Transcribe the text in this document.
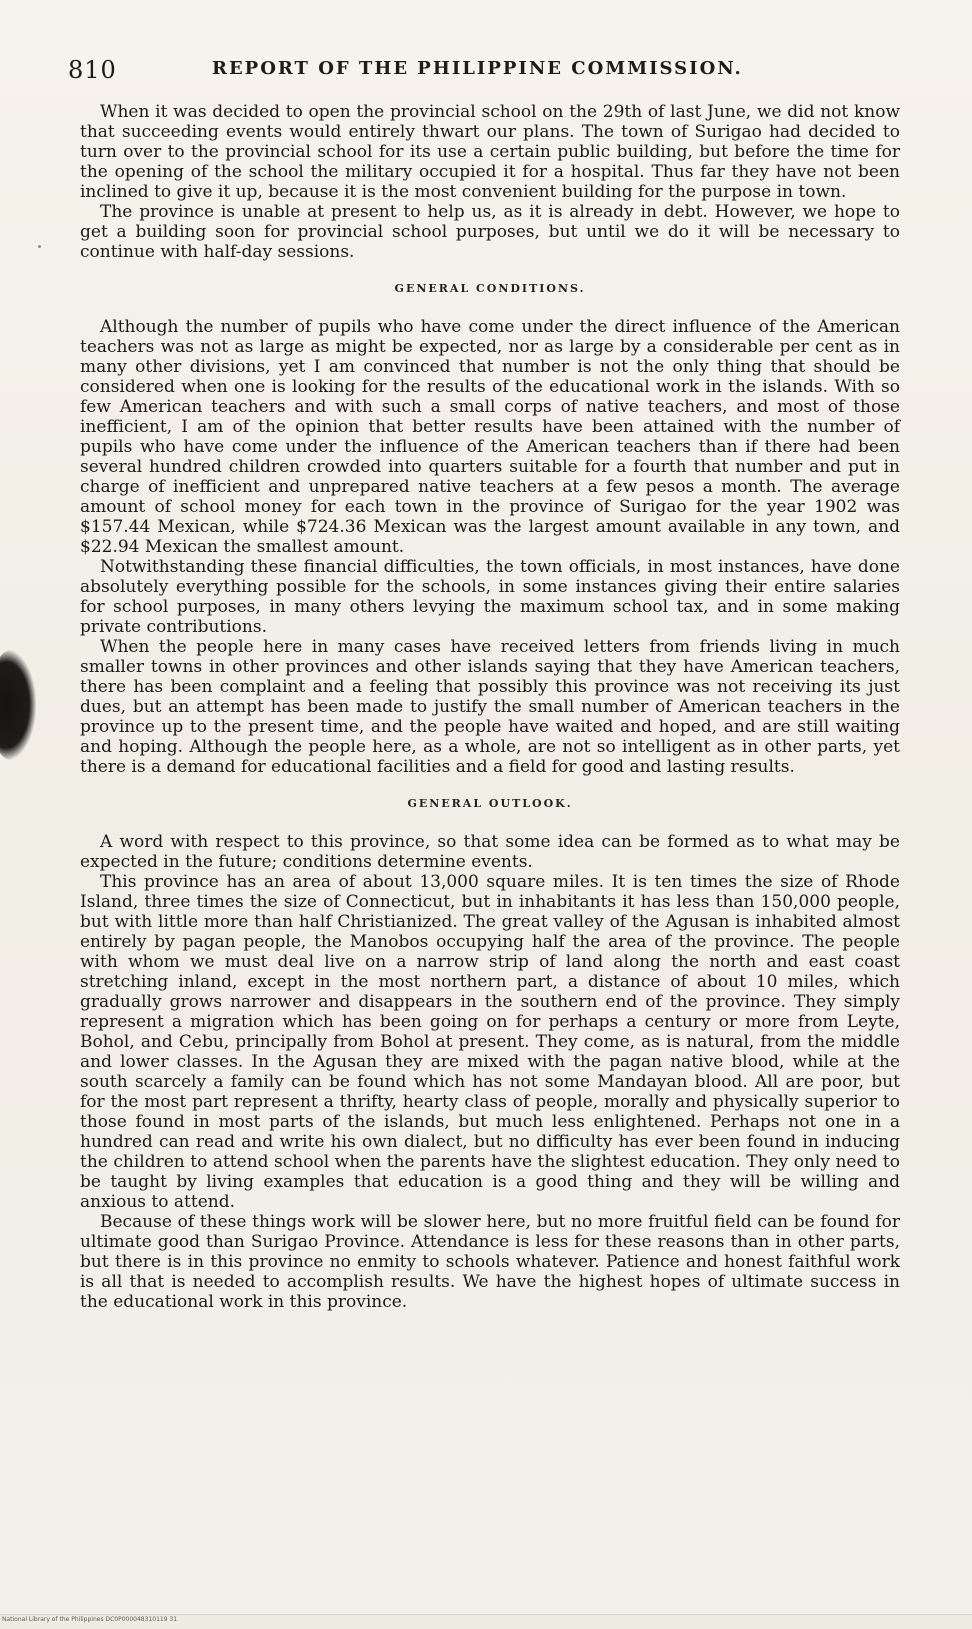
810	REPORT OF THE PHILIPPINE COMMISSION.

When it was decided to open the provincial school on the 29th of last June, we did not know that succeeding events would entirely thwart our plans. The town of Surigao had decided to turn over to the provincial school for its use a certain public building, but before the time for the opening of the school the military occupied it for a hospital. Thus far they have not been inclined to give it up, because it is the most convenient building for the purpose in town.

The province is unable at present to help us, as it is already in debt. However, we hope to get a building soon for provincial school purposes, but until we do it will be necessary to continue with half-day sessions.

GENERAL CONDITIONS.

Although the number of pupils who have come under the direct influence of the American teachers was not as large as might be expected, nor as large by a considerable per cent as in many other divisions, yet I am convinced that number is not the only thing that should be considered when one is looking for the results of the educational work in the islands. With so few American teachers and with such a small corps of native teachers, and most of those inefficient, I am of the opinion that better results have been attained with the number of pupils who have come under the influence of the American teachers than if there had been several hundred children crowded into quarters suitable for a fourth that number and put in charge of inefficient and unprepared native teachers at a few pesos a month. The average amount of school money for each town in the province of Surigao for the year 1902 was $157.44 Mexican, while $724.36 Mexican was the largest amount available in any town, and $22.94 Mexican the smallest amount.

Notwithstanding these financial difficulties, the town officials, in most instances, have done absolutely everything possible for the schools, in some instances giving their entire salaries for school purposes, in many others levying the maximum school tax, and in some making private contributions.

When the people here in many cases have received letters from friends living in much smaller towns in other provinces and other islands saying that they have American teachers, there has been complaint and a feeling that possibly this province was not receiving its just dues, but an attempt has been made to justify the small number of American teachers in the province up to the present time, and the people have waited and hoped, and are still waiting and hoping. Although the people here, as a whole, are not so intelligent as in other parts, yet there is a demand for educational facilities and a field for good and lasting results.

GENERAL OUTLOOK.

A word with respect to this province, so that some idea can be formed as to what may be expected in the future; conditions determine events.

This province has an area of about 13,000 square miles. It is ten times the size of Rhode Island, three times the size of Connecticut, but in inhabitants it has less than 150,000 people, but with little more than half Christianized. The great valley of the Agusan is inhabited almost entirely by pagan people, the Manobos occupying half the area of the province. The people with whom we must deal live on a narrow strip of land along the north and east coast stretching inland, except in the most northern part, a distance of about 10 miles, which gradually grows narrower and disappears in the southern end of the province. They simply represent a migration which has been going on for perhaps a century or more from Leyte, Bohol, and Cebu, principally from Bohol at present. They come, as is natural, from the middle and lower classes. In the Agusan they are mixed with the pagan native blood, while at the south scarcely a family can be found which has not some Mandayan blood. All are poor, but for the most part represent a thrifty, hearty class of people, morally and physically superior to those found in most parts of the islands, but much less enlightened. Perhaps not one in a hundred can read and write his own dialect, but no difficulty has ever been found in inducing the children to attend school when the parents have the slightest education. They only need to be taught by living examples that education is a good thing and they will be willing and anxious to attend.

Because of these things work will be slower here, but no more fruitful field can be found for ultimate good than Surigao Province. Attendance is less for these reasons than in other parts, but there is in this province no enmity to schools whatever. Patience and honest faithful work is all that is needed to accomplish results. We have the highest hopes of ultimate success in the educational work in this province.

National Library of the Philippines DC0P000048310119 31
